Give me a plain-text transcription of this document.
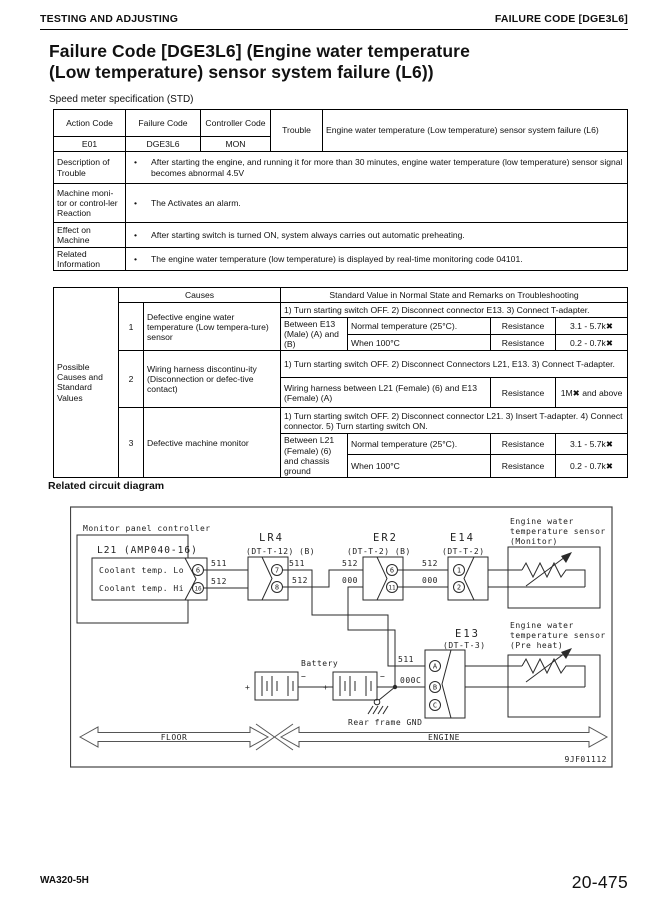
TESTING AND ADJUSTING	FAILURE CODE [DGE3L6]
Failure Code [DGE3L6] (Engine water temperature
(Low temperature) sensor system failure (L6))
Speed meter specification (STD)
Action Code	Failure Code	Controller Code	Trouble	Engine water temperature (Low temperature) sensor system failure (L6)
E01	DGE3L6	MON		
Description of Trouble	• After starting the engine, and running it for more than 30 minutes, engine water temperature (low temperature) sensor signal becomes abnormal 4.5V			

Machine moni-tor or control-ler Reaction	• The Activates an alarm.			

Effect on Machine	• After starting switch is turned ON, system always carries out automatic preheating.			

Related Information	• The engine water temperature (low temperature) is displayed by real-time monitoring code 04101.			
Possible Causes and Standard Values	Causes		Standard Value in Normal State and Remarks on Troubleshooting			
	1	Defective engine water temperature (Low tempera-ture) sensor	1) Turn starting switch OFF. 2) Disconnect connector E13. 3) Connect T-adapter.			
			Between E13 (Male) (A) and (B)	Normal temperature (25°C).	Resistance	3.1 - 5.7k✖
				When 100°C	Resistance	0.2 - 0.7k✖
	2	Wiring harness discontinu-ity (Disconnection or defec-tive contact)	1) Turn starting switch OFF. 2) Disconnect Connectors L21, E13. 3) Connect T-adapter.			
			Wiring harness between L21 (Female) (6) and E13 (Female) (A)		Resistance	1M✖ and above
	3	Defective machine monitor	1) Turn starting switch OFF. 2) Disconnect connector L21. 3) Insert T-adapter. 4) Connect connector. 5) Turn starting switch ON.			
			Between L21 (Female) (6) and chassis ground	Normal temperature (25°C).	Resistance	3.1 - 5.7k✖
				When 100°C	Resistance	0.2 - 0.7k✖
Related circuit diagram
Monitor panel controller
L21 (AMP040-16)
Coolant temp. Lo
Coolant temp. Hi
6
16
511
512
LR4
(DT-T-12) (B)
7
8
511
512
512
000
511
ER2
(DT-T-2) (B)
6
11
512
000
E14
(DT-T-2)
1
2
Engine water
temperature sensor
(Monitor)
E13
(DT-T-3)
A
B
C
000C
Engine water
temperature sensor
(Pre heat)
Battery
+
−
+
−
Rear frame GND
FLOOR	ENGINE
9JF01112
WA320-5H	20-475
